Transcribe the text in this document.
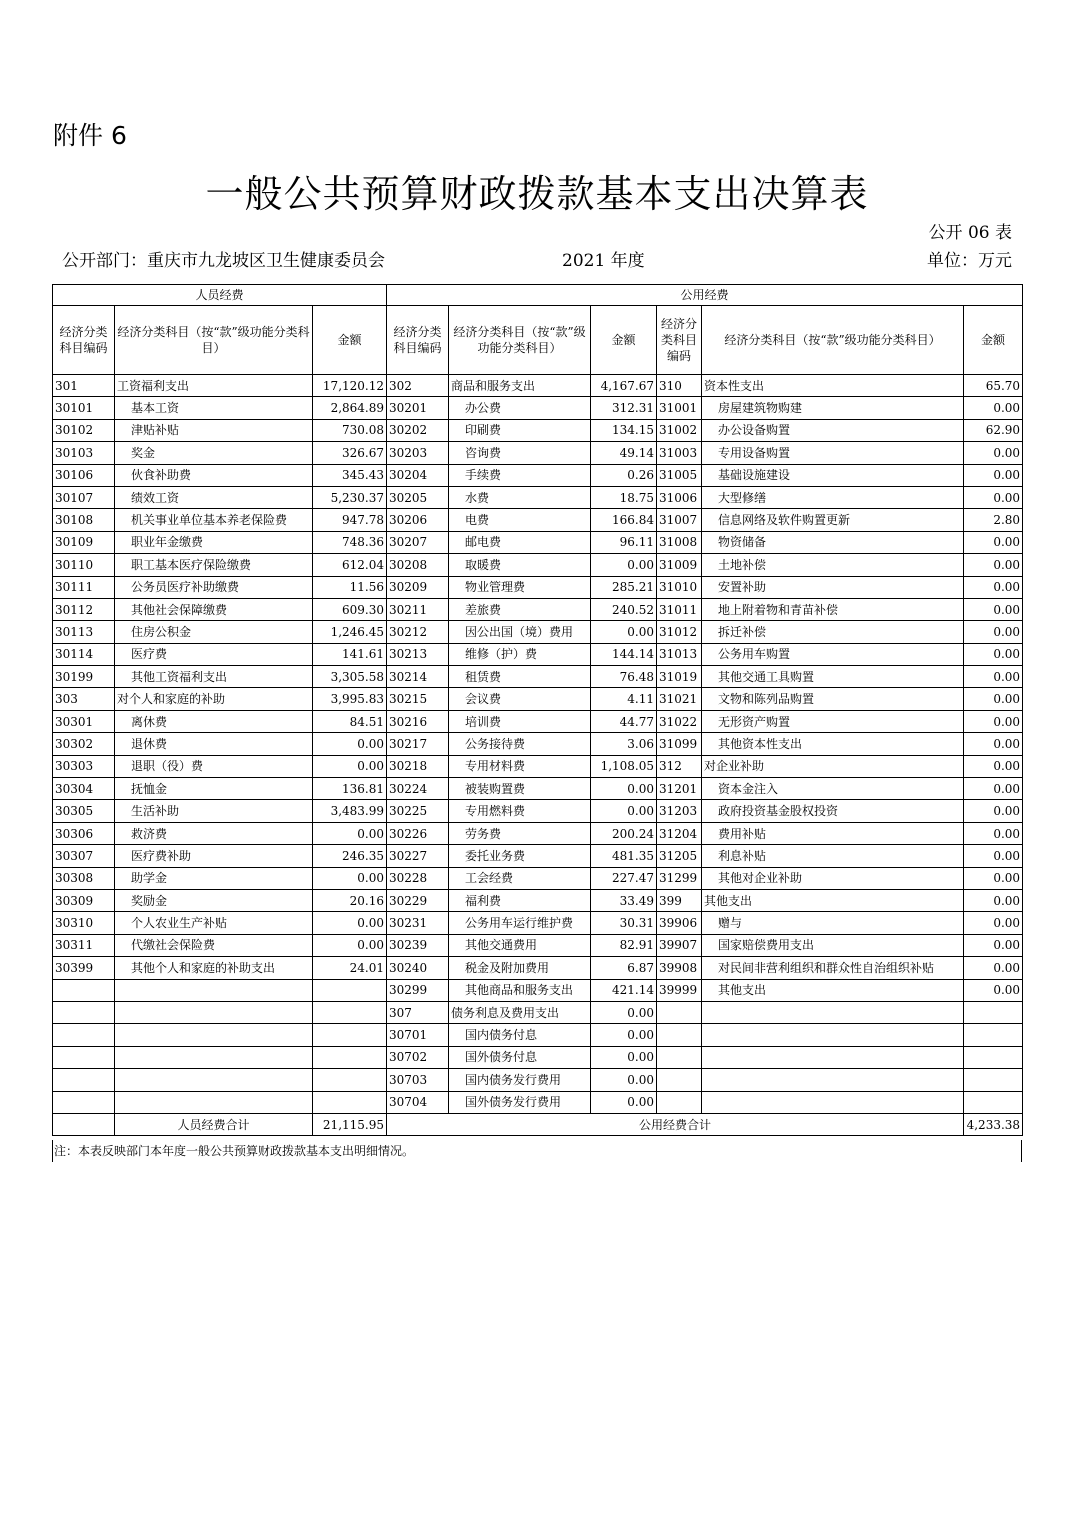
附件 6
一般公共预算财政拨款基本支出决算表
公开 06 表
公开部门：重庆市九龙坡区卫生健康委员会	2021 年度	单位：万元
人员经费			公用经费					
经济分类科目编码	经济分类科目（按“款”级功能分类科目）	金额	经济分类科目编码	经济分类科目（按“款”级功能分类科目）	金额	经济分类科目编码	经济分类科目（按“款”级功能分类科目）	金额
301	工资福利支出	17,120.12	302	商品和服务支出	4,167.67	310	资本性支出	65.70
30101	基本工资	2,864.89	30201	办公费	312.31	31001	房屋建筑物购建	0.00
30102	津贴补贴	730.08	30202	印刷费	134.15	31002	办公设备购置	62.90
30103	奖金	326.67	30203	咨询费	49.14	31003	专用设备购置	0.00
30106	伙食补助费	345.43	30204	手续费	0.26	31005	基础设施建设	0.00
30107	绩效工资	5,230.37	30205	水费	18.75	31006	大型修缮	0.00
30108	机关事业单位基本养老保险费	947.78	30206	电费	166.84	31007	信息网络及软件购置更新	2.80
30109	职业年金缴费	748.36	30207	邮电费	96.11	31008	物资储备	0.00
30110	职工基本医疗保险缴费	612.04	30208	取暖费	0.00	31009	土地补偿	0.00
30111	公务员医疗补助缴费	11.56	30209	物业管理费	285.21	31010	安置补助	0.00
30112	其他社会保障缴费	609.30	30211	差旅费	240.52	31011	地上附着物和青苗补偿	0.00
30113	住房公积金	1,246.45	30212	因公出国（境）费用	0.00	31012	拆迁补偿	0.00
30114	医疗费	141.61	30213	维修（护）费	144.14	31013	公务用车购置	0.00
30199	其他工资福利支出	3,305.58	30214	租赁费	76.48	31019	其他交通工具购置	0.00
303	对个人和家庭的补助	3,995.83	30215	会议费	4.11	31021	文物和陈列品购置	0.00
30301	离休费	84.51	30216	培训费	44.77	31022	无形资产购置	0.00
30302	退休费	0.00	30217	公务接待费	3.06	31099	其他资本性支出	0.00
30303	退职（役）费	0.00	30218	专用材料费	1,108.05	312	对企业补助	0.00
30304	抚恤金	136.81	30224	被装购置费	0.00	31201	资本金注入	0.00
30305	生活补助	3,483.99	30225	专用燃料费	0.00	31203	政府投资基金股权投资	0.00
30306	救济费	0.00	30226	劳务费	200.24	31204	费用补贴	0.00
30307	医疗费补助	246.35	30227	委托业务费	481.35	31205	利息补贴	0.00
30308	助学金	0.00	30228	工会经费	227.47	31299	其他对企业补助	0.00
30309	奖励金	20.16	30229	福利费	33.49	399	其他支出	0.00
30310	个人农业生产补贴	0.00	30231	公务用车运行维护费	30.31	39906	赠与	0.00
30311	代缴社会保险费	0.00	30239	其他交通费用	82.91	39907	国家赔偿费用支出	0.00
30399	其他个人和家庭的补助支出	24.01	30240	税金及附加费用	6.87	39908	对民间非营利组织和群众性自治组织补贴	0.00
			30299	其他商品和服务支出	421.14	39999	其他支出	0.00
			307	债务利息及费用支出	0.00			
			30701	国内债务付息	0.00			
			30702	国外债务付息	0.00			
			30703	国内债务发行费用	0.00			
			30704	国外债务发行费用	0.00			
	人员经费合计	21,115.95	公用经费合计					4,233.38
注：本表反映部门本年度一般公共预算财政拨款基本支出明细情况。
